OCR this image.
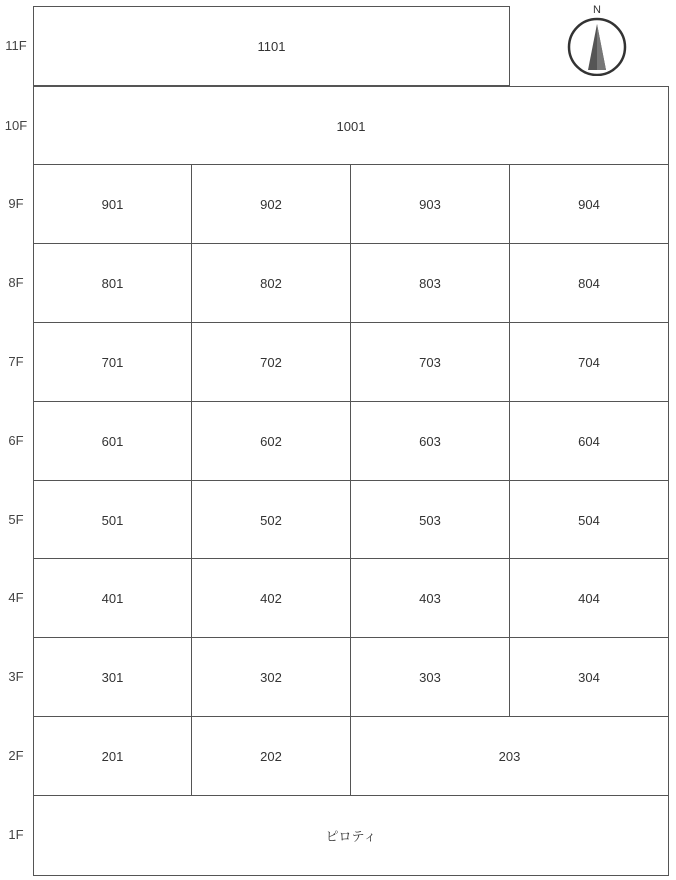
11F	1101
10F	1001
9F	901	902	903	904
8F	801	802	803	804
7F	701	702	703	704
6F	601	602	603	604
5F	501	502	503	504
4F	401	402	403	404
3F	301	302	303	304
2F	201	202	203
1F	ピロティ
N
